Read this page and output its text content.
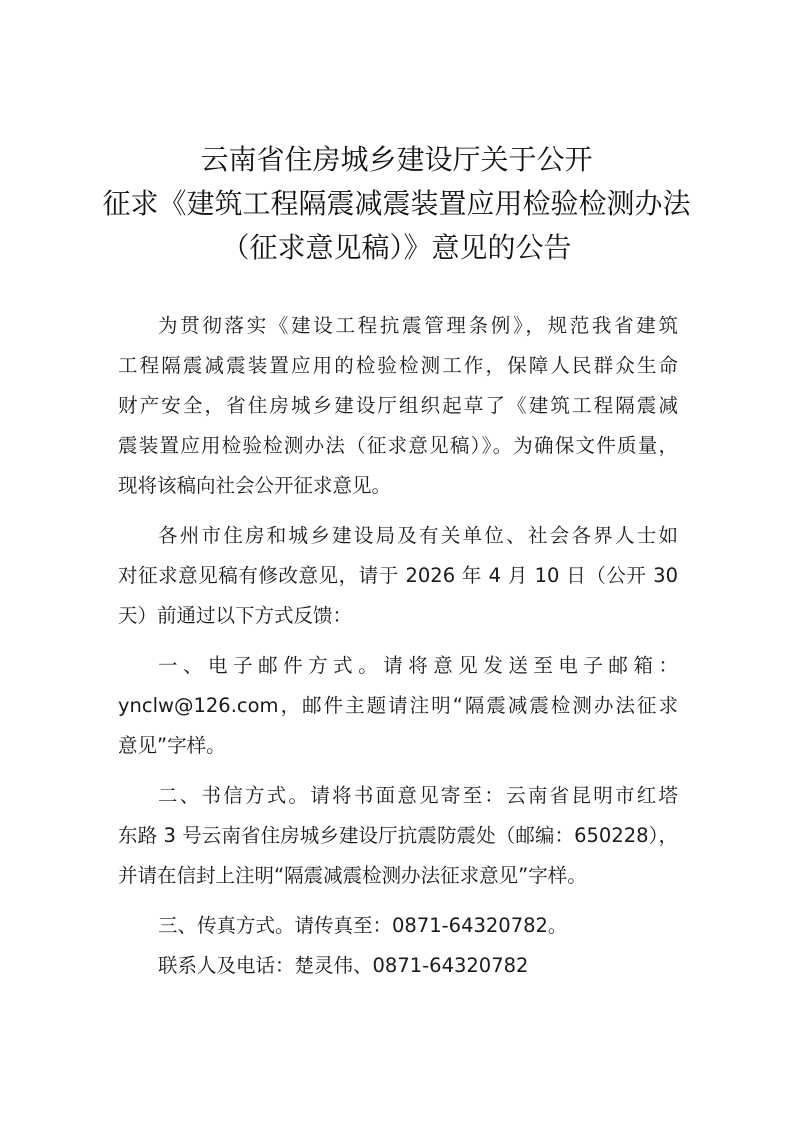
云南省住房城乡建设厅关于公开
征求《建筑工程隔震减震装置应用检验检测办法
（征求意见稿）》意见的公告
为贯彻落实《建设工程抗震管理条例》，规范我省建筑
工程隔震减震装置应用的检验检测工作，保障人民群众生命
财产安全，省住房城乡建设厅组织起草了《建筑工程隔震减
震装置应用检验检测办法（征求意见稿）》。为确保文件质量，
现将该稿向社会公开征求意见。
各州市住房和城乡建设局及有关单位、社会各界人士如
对征求意见稿有修改意见，请于 2026 年 4 月 10 日（公开 30
天）前通过以下方式反馈：
一、电子邮件方式。请将意见发送至电子邮箱：
ynclw@126.com，邮件主题请注明“隔震减震检测办法征求
意见”字样。
二、书信方式。请将书面意见寄至：云南省昆明市红塔
东路 3 号云南省住房城乡建设厅抗震防震处（邮编：650228），
并请在信封上注明“隔震减震检测办法征求意见”字样。
三、传真方式。请传真至：0871-64320782。
联系人及电话：楚灵伟、0871-64320782
